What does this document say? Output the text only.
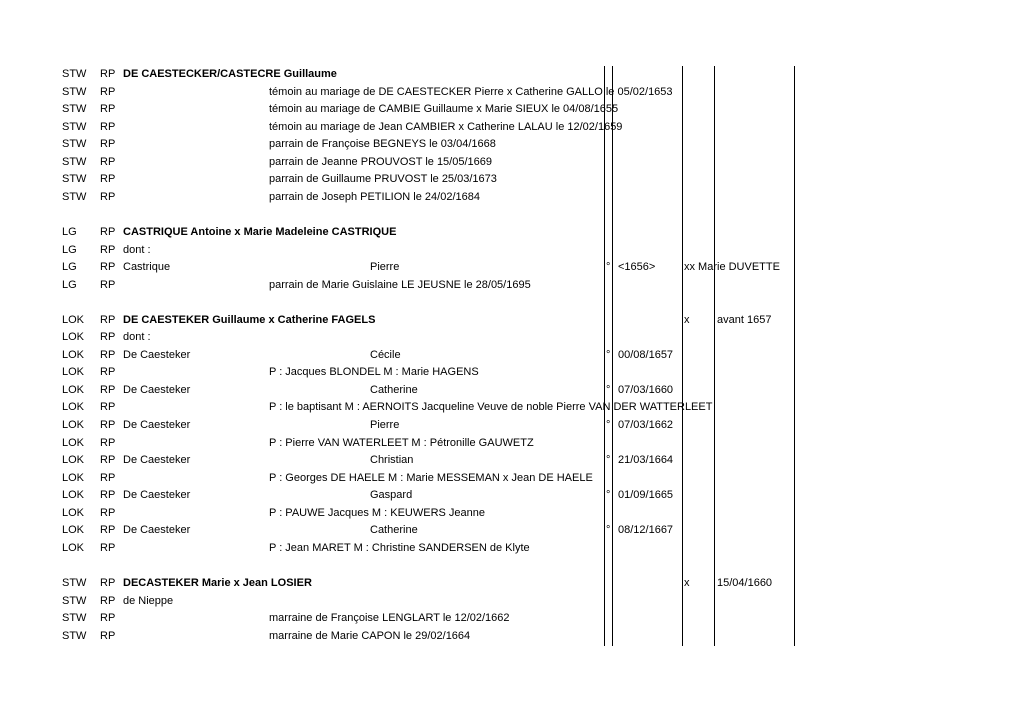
STW RP DE CAESTECKER/CASTECRE Guillaume
STW RP	témoin au mariage de DE CAESTECKER Pierre x Catherine GALLO le 05/02/1653
STW RP	témoin au mariage de CAMBIE Guillaume x Marie SIEUX le 04/08/1655
STW RP	témoin au mariage de Jean CAMBIER x Catherine LALAU le 12/02/1659
STW RP	parrain de Françoise BEGNEYS le 03/04/1668
STW RP	parrain de Jeanne PROUVOST le 15/05/1669
STW RP	parrain de Guillaume PRUVOST le 25/03/1673
STW RP	parrain de Joseph PETILION le 24/02/1684
LG RP CASTRIQUE Antoine x Marie Madeleine CASTRIQUE
LG RP dont :
LG RP Castrique	Pierre	° <1656>	xx Marie DUVETTE
LG RP	parrain de Marie Guislaine LE JEUSNE le 28/05/1695
LOK RP DE CAESTEKER Guillaume x Catherine FAGELS	x	avant 1657
LOK RP dont :
LOK RP De Caesteker	Cécile	° 00/08/1657
LOK RP	P : Jacques BLONDEL M : Marie HAGENS
LOK RP De Caesteker	Catherine	° 07/03/1660
LOK RP	P : le baptisant M : AERNOITS Jacqueline Veuve de noble Pierre VAN DER WATTERLEET
LOK RP De Caesteker	Pierre	° 07/03/1662
LOK RP	P : Pierre VAN WATERLEET M : Pétronille GAUWETZ
LOK RP De Caesteker	Christian	° 21/03/1664
LOK RP	P : Georges DE HAELE M : Marie MESSEMAN x Jean DE HAELE
LOK RP De Caesteker	Gaspard	° 01/09/1665
LOK RP	P : PAUWE Jacques M : KEUWERS Jeanne
LOK RP De Caesteker	Catherine	° 08/12/1667
LOK RP	P : Jean MARET M : Christine SANDERSEN de Klyte
STW RP DECASTEKER Marie x Jean LOSIER	x	15/04/1660
STW RP de Nieppe
STW RP	marraine de Françoise LENGLART le 12/02/1662
STW RP	marraine de Marie CAPON le 29/02/1664
